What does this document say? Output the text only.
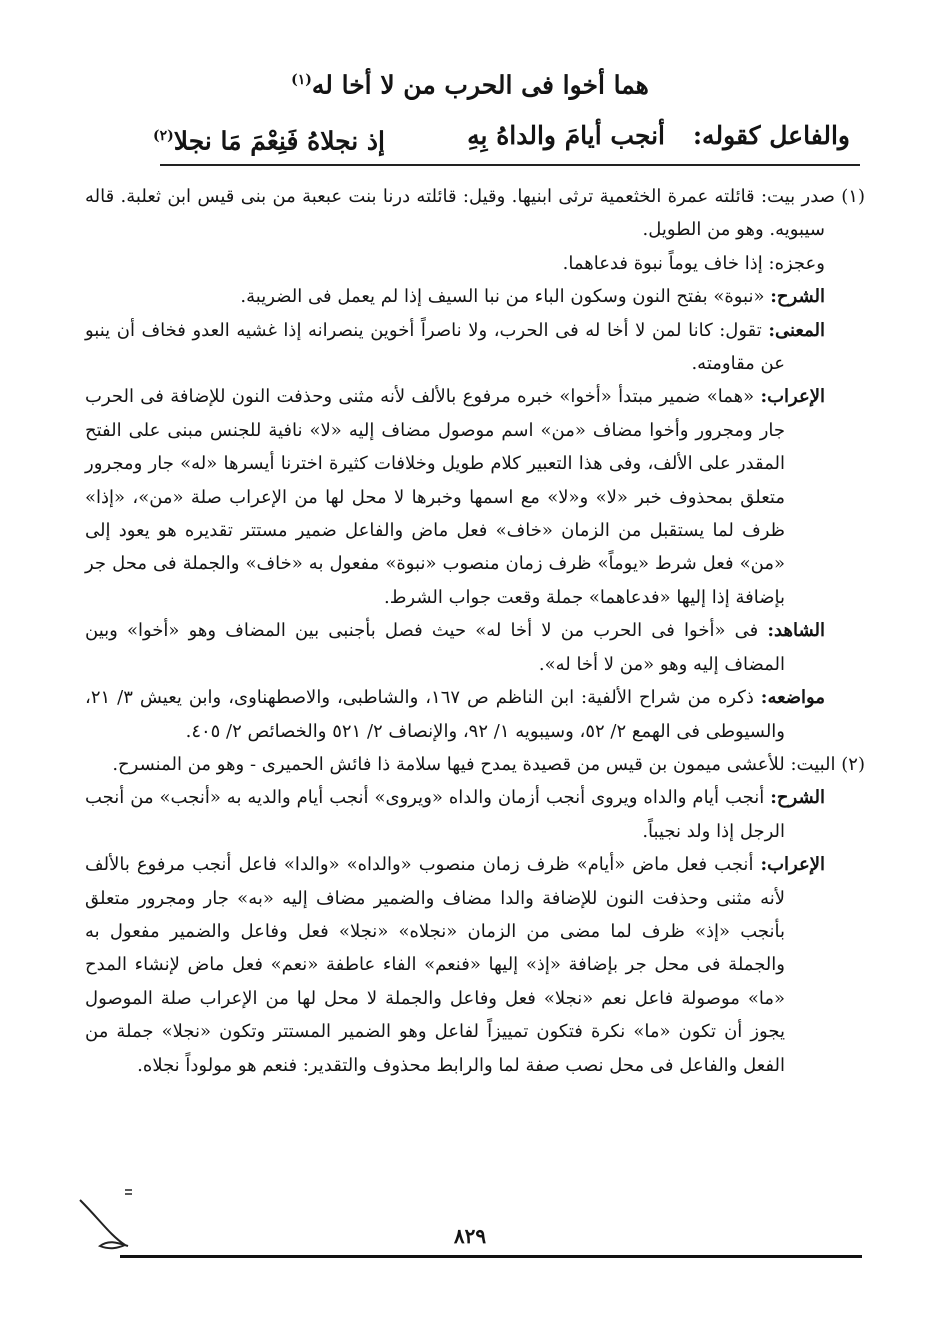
هما أخوا فى الحرب من لا أخا له$^{(١)}$
والفاعل كقوله:
أنجب أيامَ والداهُ بِهِ
إذ نجلاهُ فَنِعْمَ مَا نجلا$^{(٢)}$

(١) صدر بيت: قائلته عمرة الخثعمية ترثى ابنيها. وقيل: قائلته درنا بنت عبعبة من بنى قيس ابن ثعلبة. قاله سيبويه. وهو من الطويل.

وعجزه: إذا خاف يوماً نبوة فدعاهما.

الشرح: «نبوة» بفتح النون وسكون الباء من نبا السيف إذا لم يعمل فى الضريبة.

المعنى: تقول: كانا لمن لا أخا له فى الحرب، ولا ناصراً أخوين ينصرانه إذا غشيه العدو فخاف أن ينبو عن مقاومته.

الإعراب: «هما» ضمير مبتدأ «أخوا» خبره مرفوع بالألف لأنه مثنى وحذفت النون للإضافة فى الحرب جار ومجرور وأخوا مضاف «من» اسم موصول مضاف إليه «لا» نافية للجنس مبنى على الفتح المقدر على الألف، وفى هذا التعبير كلام طويل وخلافات كثيرة اخترنا أيسرها «له» جار ومجرور متعلق بمحذوف خبر «لا» و«لا» مع اسمها وخبرها لا محل لها من الإعراب صلة «من»، «إذا» ظرف لما يستقبل من الزمان «خاف» فعل ماض والفاعل ضمير مستتر تقديره هو يعود إلى «من» فعل شرط «يوماً» ظرف زمان منصوب «نبوة» مفعول به «خاف» والجملة فى محل جر بإضافة إذا إليها «فدعاهما» جملة وقعت جواب الشرط.

الشاهد: فى «أخوا فى الحرب من لا أخا له» حيث فصل بأجنبى بين المضاف وهو «أخوا» وبين المضاف إليه وهو «من لا أخا له».

مواضعه: ذكره من شراح الألفية: ابن الناظم ص ١٦٧، والشاطبى، والاصطهناوى، وابن يعيش ٣/ ٢١، والسيوطى فى الهمع ٢/ ٥٢، وسيبويه ١/ ٩٢، والإنصاف ٢/ ٥٢١ والخصائص ٢/ ٤٠٥.

(٢) البيت: للأعشى ميمون بن قيس من قصيدة يمدح فيها سلامة ذا فائش الحميرى - وهو من المنسرح.

الشرح: أنجب أيام والداه ويروى أنجب أزمان والداه «ويروى» أنجب أيام والديه به «أنجب» من أنجب الرجل إذا ولد نجيباً.

الإعراب: أنجب فعل ماض «أيام» ظرف زمان منصوب «والداه» «والدا» فاعل أنجب مرفوع بالألف لأنه مثنى وحذفت النون للإضافة والدا مضاف والضمير مضاف إليه «به» جار ومجرور متعلق بأنجب «إذ» ظرف لما مضى من الزمان «نجلاه» «نجلا» فعل وفاعل والضمير مفعول به والجملة فى محل جر بإضافة «إذ» إليها «فنعم» الفاء عاطفة «نعم» فعل ماض لإنشاء المدح «ما» موصولة فاعل نعم «نجلا» فعل وفاعل والجملة لا محل لها من الإعراب صلة الموصول يجوز أن تكون «ما» نكرة فتكون تمييزاً لفاعل وهو الضمير المستتر وتكون «نجلا» جملة من الفعل والفاعل فى محل نصب صفة لما والرابط محذوف والتقدير: فنعم هو مولوداً نجلاه.

٨٢٩
